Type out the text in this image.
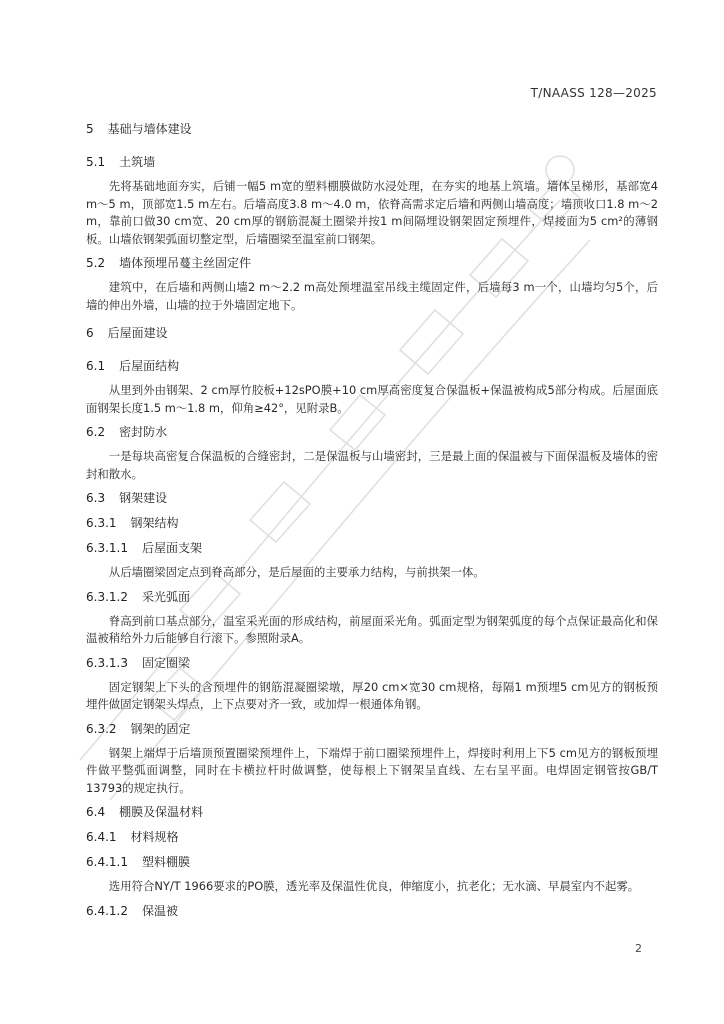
T/NAASS 128—2025
5 基础与墙体建设
5.1 土筑墙

先将基础地面夯实，后铺一幅5 m宽的塑料棚膜做防水浸处理，在夯实的地基上筑墙。墙体呈梯形，基部宽4 m～5 m，顶部宽1.5 m左右。后墙高度3.8 m～4.0 m，依脊高需求定后墙和两侧山墙高度；墙顶收口1.8 m～2 m，靠前口做30 cm宽、20 cm厚的钢筋混凝土圈梁并按1 m间隔埋设钢架固定预埋件，焊接面为5 cm²的薄钢板。山墙依钢架弧面切整定型，后墙圈梁至温室前口钢架。

5.2 墙体预埋吊蔓主丝固定件

建筑中，在后墙和两侧山墙2 m～2.2 m高处预埋温室吊线主缆固定件，后墙每3 m一个，山墙均匀5个，后墙的伸出外墙，山墙的拉于外墙固定地下。

6 后屋面建设
6.1 后屋面结构

从里到外由钢架、2 cm厚竹胶板+12sPO膜+10 cm厚高密度复合保温板+保温被构成5部分构成。后屋面底面钢架长度1.5 m～1.8 m，仰角≥42°，见附录B。

6.2 密封防水

一是每块高密复合保温板的合缝密封，二是保温板与山墙密封，三是最上面的保温被与下面保温板及墙体的密封和散水。

6.3 钢架建设
6.3.1 钢架结构
6.3.1.1 后屋面支架

从后墙圈梁固定点到脊高部分，是后屋面的主要承力结构，与前拱架一体。

6.3.1.2 采光弧面

脊高到前口基点部分，温室采光面的形成结构，前屋面采光角。弧面定型为钢架弧度的每个点保证最高化和保温被稍给外力后能够自行滚下。参照附录A。

6.3.1.3 固定圈梁

固定钢架上下头的含预埋件的钢筋混凝圈梁墩，厚20 cm×宽30 cm规格，每隔1 m预埋5 cm见方的钢板预埋件做固定钢架头焊点，上下点要对齐一致，或加焊一根通体角钢。

6.3.2 钢架的固定

钢架上端焊于后墙顶预置圈梁预埋件上，下端焊于前口圈梁预埋件上，焊接时利用上下5 cm见方的钢板预埋件做平整弧面调整，同时在卡横拉杆时做调整，使每根上下钢架呈直线、左右呈平面。电焊固定钢管按GB/T 13793的规定执行。

6.4 棚膜及保温材料
6.4.1 材料规格
6.4.1.1 塑料棚膜

选用符合NY/T 1966要求的PO膜，透光率及保温性优良，伸缩度小，抗老化；无水滴、早晨室内不起雾。

6.4.1.2 保温被
2
